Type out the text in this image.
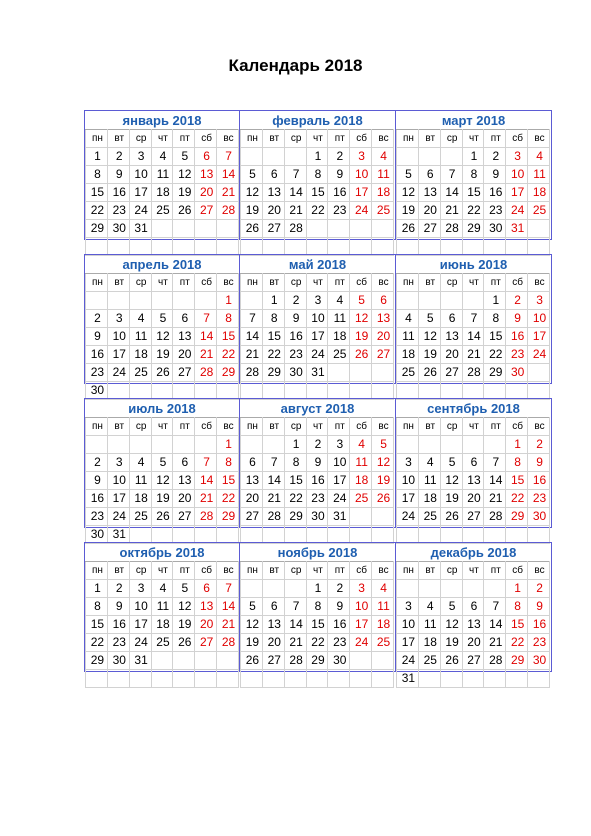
Календарь 2018
январь 2018
пн	вт	ср	чт	пт	сб	вс
1	2	3	4	5	6	7
8	9	10	11	12	13	14
15	16	17	18	19	20	21
22	23	24	25	26	27	28
29	30	31				

февраль 2018
пн	вт	ср	чт	пт	сб	вс
			1	2	3	4
5	6	7	8	9	10	11
12	13	14	15	16	17	18
19	20	21	22	23	24	25
26	27	28				

март 2018
пн	вт	ср	чт	пт	сб	вс
			1	2	3	4
5	6	7	8	9	10	11
12	13	14	15	16	17	18
19	20	21	22	23	24	25
26	27	28	29	30	31	

апрель 2018
пн	вт	ср	чт	пт	сб	вс
						1
2	3	4	5	6	7	8
9	10	11	12	13	14	15
16	17	18	19	20	21	22
23	24	25	26	27	28	29
30						
май 2018
пн	вт	ср	чт	пт	сб	вс
	1	2	3	4	5	6
7	8	9	10	11	12	13
14	15	16	17	18	19	20
21	22	23	24	25	26	27
28	29	30	31			

июнь 2018
пн	вт	ср	чт	пт	сб	вс
				1	2	3
4	5	6	7	8	9	10
11	12	13	14	15	16	17
18	19	20	21	22	23	24
25	26	27	28	29	30	

июль 2018
пн	вт	ср	чт	пт	сб	вс
						1
2	3	4	5	6	7	8
9	10	11	12	13	14	15
16	17	18	19	20	21	22
23	24	25	26	27	28	29
30	31					
август 2018
пн	вт	ср	чт	пт	сб	вс
		1	2	3	4	5
6	7	8	9	10	11	12
13	14	15	16	17	18	19
20	21	22	23	24	25	26
27	28	29	30	31		

сентябрь 2018
пн	вт	ср	чт	пт	сб	вс
					1	2
3	4	5	6	7	8	9
10	11	12	13	14	15	16
17	18	19	20	21	22	23
24	25	26	27	28	29	30

октябрь 2018
пн	вт	ср	чт	пт	сб	вс
1	2	3	4	5	6	7
8	9	10	11	12	13	14
15	16	17	18	19	20	21
22	23	24	25	26	27	28
29	30	31				

ноябрь 2018
пн	вт	ср	чт	пт	сб	вс
			1	2	3	4
5	6	7	8	9	10	11
12	13	14	15	16	17	18
19	20	21	22	23	24	25
26	27	28	29	30		

декабрь 2018
пн	вт	ср	чт	пт	сб	вс
					1	2
3	4	5	6	7	8	9
10	11	12	13	14	15	16
17	18	19	20	21	22	23
24	25	26	27	28	29	30
31						
